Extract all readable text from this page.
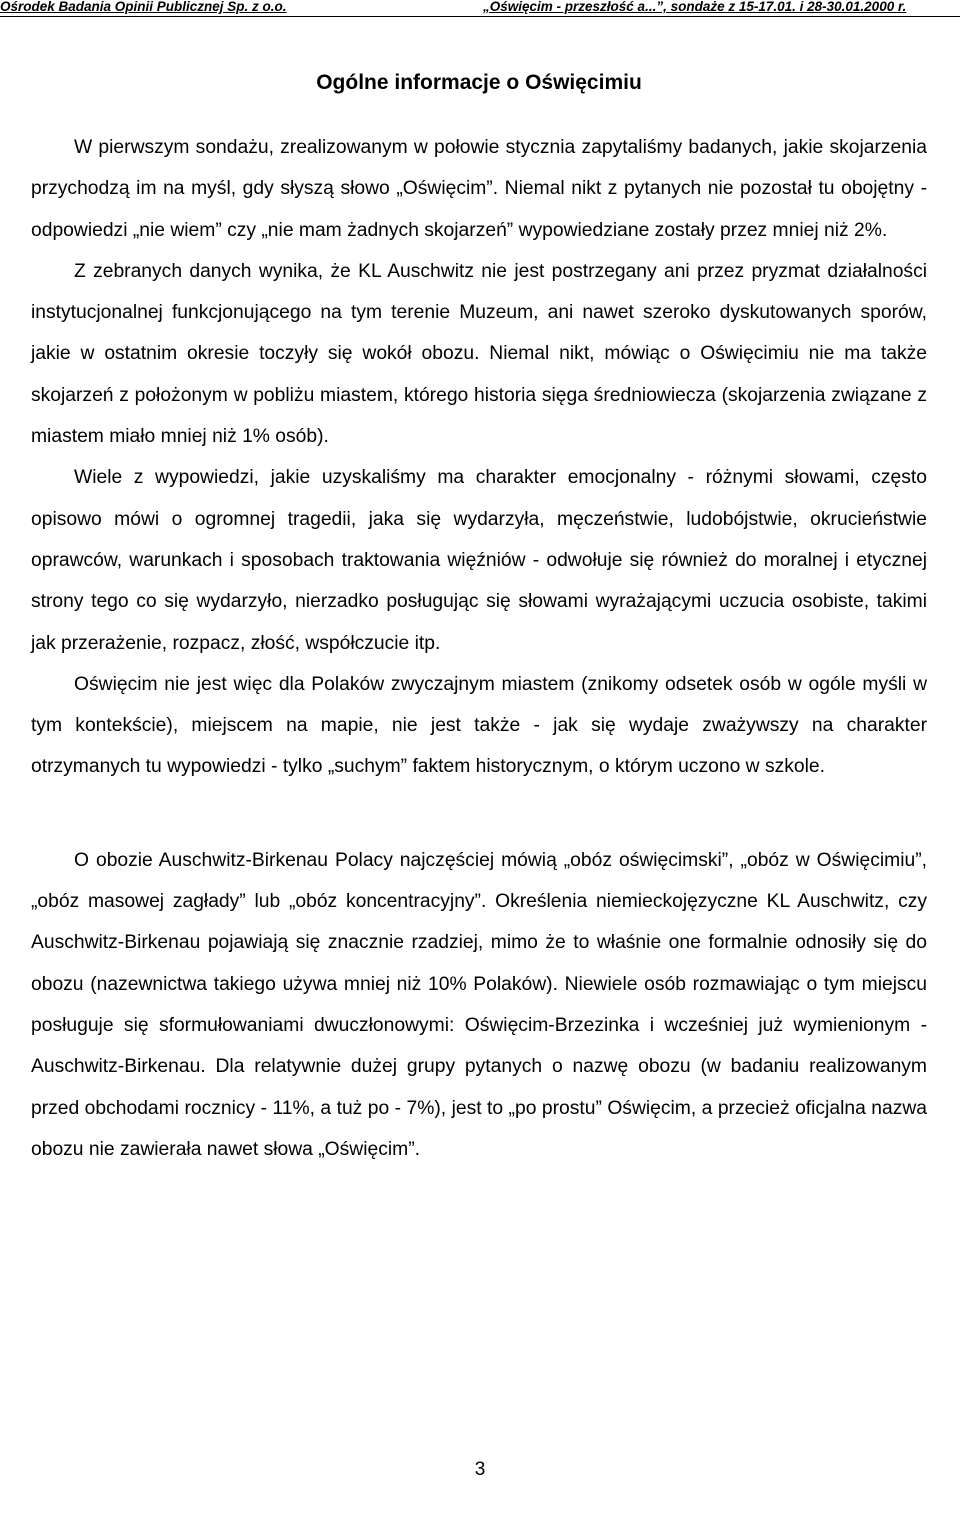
Ośrodek Badania Opinii Publicznej Sp. z o.o.	„Oświęcim - przeszłość a...”, sondaże z 15-17.01. i 28-30.01.2000 r.
Ogólne informacje o Oświęcimiu

W pierwszym sondażu, zrealizowanym w połowie stycznia zapytaliśmy badanych, jakie skojarzenia przychodzą im na myśl, gdy słyszą słowo „Oświęcim”. Niemal nikt z pytanych nie pozostał tu obojętny - odpowiedzi „nie wiem” czy „nie mam żadnych skojarzeń” wypowiedziane zostały przez mniej niż 2%.

Z zebranych danych wynika, że KL Auschwitz nie jest postrzegany ani przez pryzmat działalności instytucjonalnej funkcjonującego na tym terenie Muzeum, ani nawet szeroko dyskutowanych sporów, jakie w ostatnim okresie toczyły się wokół obozu. Niemal nikt, mówiąc o Oświęcimiu nie ma także skojarzeń z położonym w pobliżu miastem, którego historia sięga średniowiecza (skojarzenia związane z miastem miało mniej niż 1% osób).

Wiele z wypowiedzi, jakie uzyskaliśmy ma charakter emocjonalny - różnymi słowami, często opisowo mówi o ogromnej tragedii, jaka się wydarzyła, męczeństwie, ludobójstwie, okrucieństwie oprawców, warunkach i sposobach traktowania więźniów - odwołuje się również do moralnej i etycznej strony tego co się wydarzyło, nierzadko posługując się słowami wyrażającymi uczucia osobiste, takimi jak przerażenie, rozpacz, złość, współczucie itp.

Oświęcim nie jest więc dla Polaków zwyczajnym miastem (znikomy odsetek osób w ogóle myśli w tym kontekście), miejscem na mapie, nie jest także - jak się wydaje zważywszy na charakter otrzymanych tu wypowiedzi - tylko „suchym” faktem historycznym, o którym uczono w szkole.

O obozie Auschwitz-Birkenau Polacy najczęściej mówią „obóz oświęcimski”, „obóz w Oświęcimiu”, „obóz masowej zagłady” lub „obóz koncentracyjny”. Określenia niemieckojęzyczne KL Auschwitz, czy Auschwitz-Birkenau pojawiają się znacznie rzadziej, mimo że to właśnie one formalnie odnosiły się do obozu (nazewnictwa takiego używa mniej niż 10% Polaków). Niewiele osób rozmawiając o tym miejscu posługuje się sformułowaniami dwuczłonowymi: Oświęcim-Brzezinka i wcześniej już wymienionym - Auschwitz-Birkenau. Dla relatywnie dużej grupy pytanych o nazwę obozu (w badaniu realizowanym przed obchodami rocznicy - 11%, a tuż po - 7%), jest to „po prostu” Oświęcim, a przecież oficjalna nazwa obozu nie zawierała nawet słowa „Oświęcim”.

3
